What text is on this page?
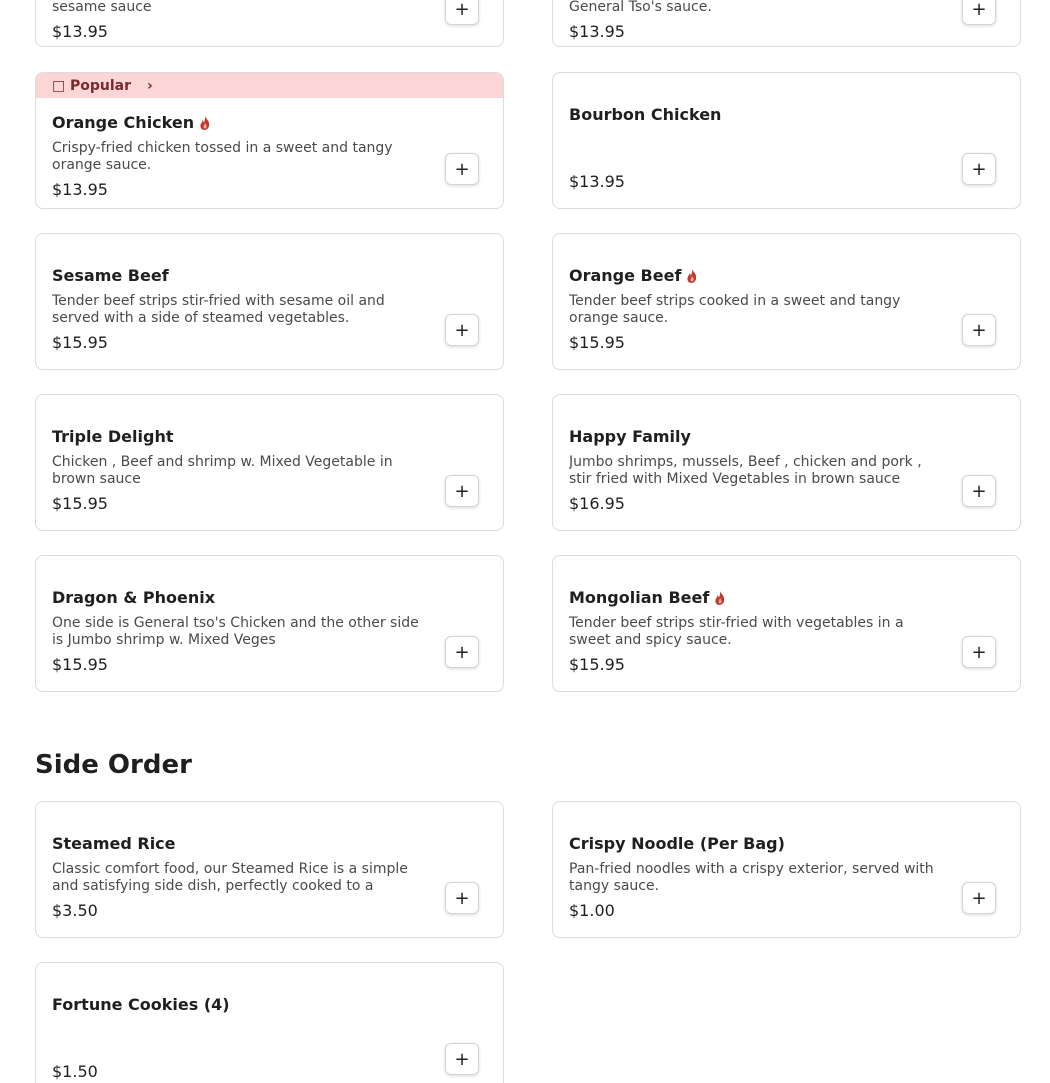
sesame sauce
$13.95
+	General Tso's sauce.
$13.95
+
□ Popular ›
Orange Chicken
Crispy-fried chicken tossed in a sweet and tangy orange sauce.
$13.95
+
Bourbon Chicken
$13.95
+
Sesame Beef
Tender beef strips stir-fried with sesame oil and served with a side of steamed vegetables.
$15.95
+
Orange Beef
Tender beef strips cooked in a sweet and tangy orange sauce.
$15.95
+
Triple Delight
Chicken , Beef and shrimp w. Mixed Vegetable in brown sauce
$15.95
+
Happy Family
Jumbo shrimps, mussels, Beef , chicken and pork , stir fried with Mixed Vegetables in brown sauce
$16.95
+
Dragon & Phoenix
One side is General tso's Chicken and the other side is Jumbo shrimp w. Mixed Veges
$15.95
+
Mongolian Beef
Tender beef strips stir-fried with vegetables in a sweet and spicy sauce.
$15.95
+
Side Order
Steamed Rice
Classic comfort food, our Steamed Rice is a simple and satisfying side dish, perfectly cooked to a
$3.50
+
Crispy Noodle (Per Bag)
Pan-fried noodles with a crispy exterior, served with tangy sauce.
$1.00
+
Fortune Cookies (4)
$1.50
+
